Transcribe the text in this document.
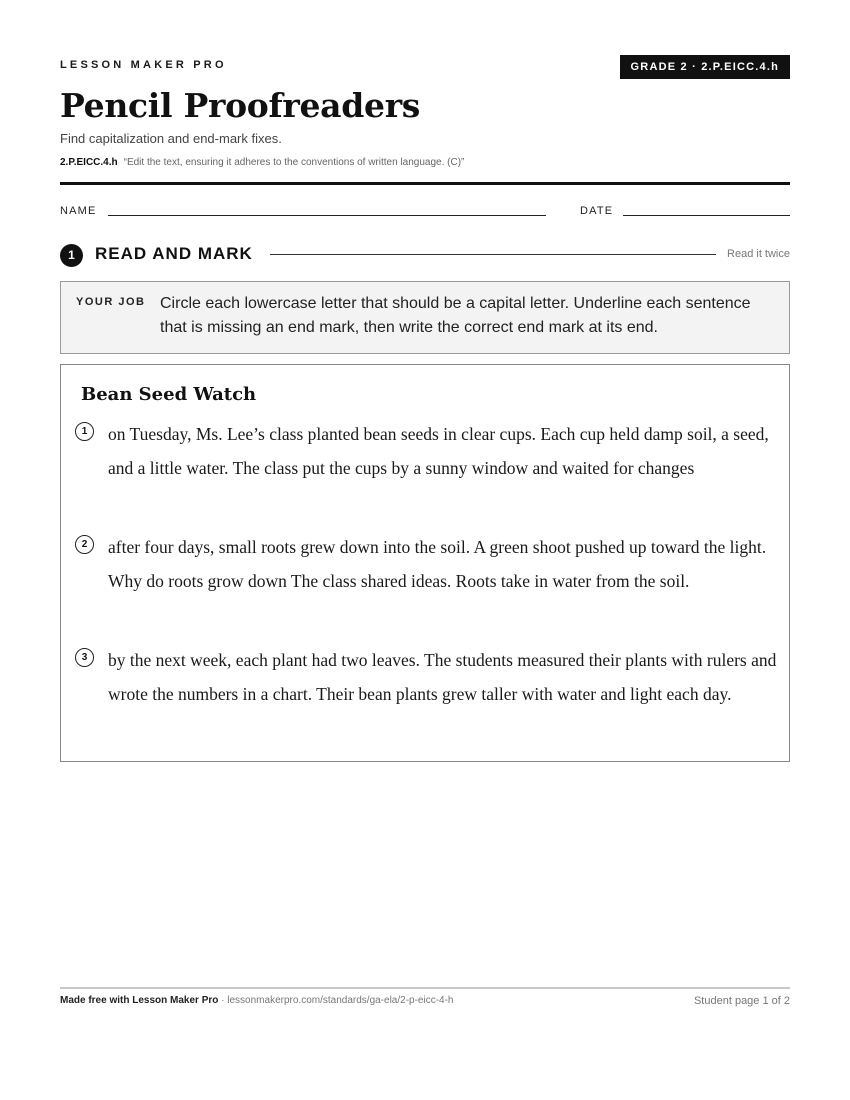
LESSON MAKER PRO	GRADE 2 · 2.P.EICC.4.h
Pencil Proofreaders
Find capitalization and end-mark fixes.
2.P.EICC.4.h “Edit the text, ensuring it adheres to the conventions of written language. (C)”
NAME	DATE
1	READ AND MARK	Read it twice
YOUR JOB Circle each lowercase letter that should be a capital letter. Underline each sentence that is missing an end mark, then write the correct end mark at its end.
Bean Seed Watch
1	on Tuesday, Ms. Lee’s class planted bean seeds in clear cups. Each cup held damp soil, a seed, and a little water. The class put the cups by a sunny window and waited for changes

2	after four days, small roots grew down into the soil. A green shoot pushed up toward the light. Why do roots grow down The class shared ideas. Roots take in water from the soil.

3	by the next week, each plant had two leaves. The students measured their plants with rulers and wrote the numbers in a chart. Their bean plants grew taller with water and light each day.

Made free with Lesson Maker Pro · lessonmakerpro.com/standards/ga-ela/2-p-eicc-4-h	Student page 1 of 2
